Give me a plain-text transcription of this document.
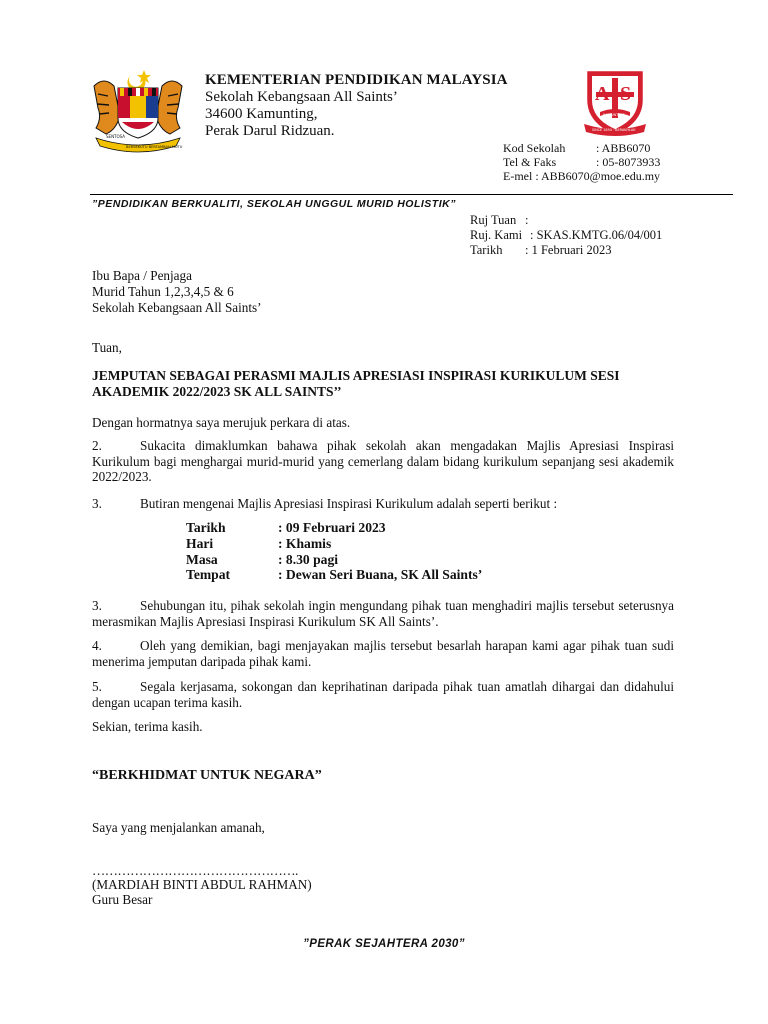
SENTOSA
BERSEKUTU BERTAMBAH MUTU
KEMENTERIAN PENDIDIKAN MALAYSIA
Sekolah Kebangsaan All Saints’
34600 Kamunting,
Perak Darul Ridzuan.
A S
KAMUNTING
SINCE 1894 · BERAKHLAK
Kod Sekolah	: ABB6070
Tel & Faks	: 05-8073933
E-mel : ABB6070@moe.edu.my
”PENDIDIKAN BERKUALITI, SEKOLAH UNGGUL MURID HOLISTIK”
Ruj Tuan :
Ruj. Kami : SKAS.KMTG.06/04/001
Tarikh : 1 Februari 2023
Ibu Bapa / Penjaga
Murid Tahun 1,2,3,4,5 & 6
Sekolah Kebangsaan All Saints’
Tuan,
JEMPUTAN SEBAGAI PERASMI MAJLIS APRESIASI INSPIRASI KURIKULUM SESI
AKADEMIK 2022/2023 SK ALL SAINTS’’
Dengan hormatnya saya merujuk perkara di atas.
2.	Sukacita dimaklumkan bahawa pihak sekolah akan mengadakan Majlis Apresiasi Inspirasi Kurikulum bagi menghargai murid-murid yang cemerlang dalam bidang kurikulum sepanjang sesi akademik 2022/2023.
3.	Butiran mengenai Majlis Apresiasi Inspirasi Kurikulum adalah seperti berikut :
Tarikh	: 09 Februari 2023
Hari	: Khamis
Masa	: 8.30 pagi
Tempat	: Dewan Seri Buana, SK All Saints’
3.	Sehubungan itu, pihak sekolah ingin mengundang pihak tuan menghadiri majlis tersebut seterusnya merasmikan Majlis Apresiasi Inspirasi Kurikulum SK All Saints’.
4.	Oleh yang demikian, bagi menjayakan majlis tersebut besarlah harapan kami agar pihak tuan sudi menerima jemputan daripada pihak kami.
5.	Segala kerjasama, sokongan dan keprihatinan daripada pihak tuan amatlah dihargai dan didahului dengan ucapan terima kasih.
Sekian, terima kasih.
“BERKHIDMAT UNTUK NEGARA”
Saya yang menjalankan amanah,
………………………………………….
(MARDIAH BINTI ABDUL RAHMAN)
Guru Besar
”PERAK SEJAHTERA 2030”
